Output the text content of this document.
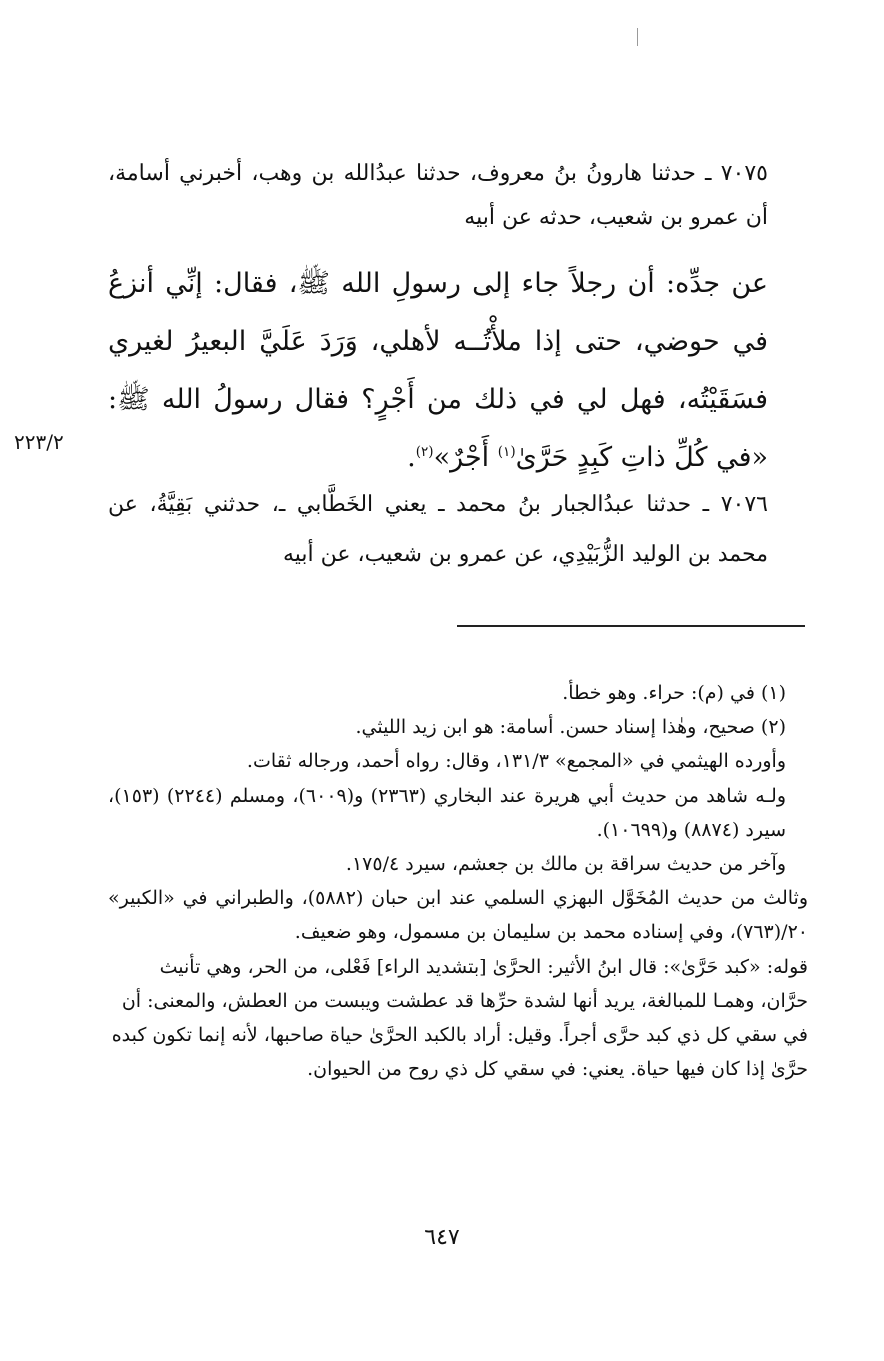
٧٠٧٥ ـ حدثنا هارونُ بنُ معروف، حدثنا عبدُالله بن وهب، أخبرني أسامة، أن عمرو بن شعيب، حدثه عن أبيه
عن جدِّه: أن رجلاً جاء إلى رسولِ الله ﷺ، فقال: إنِّي أنزعُ في حوضي، حتى إذا ملأْتُــه لأهلي، وَرَدَ عَلَيَّ البعيرُ لغيري فسَقَيْتُه، فهل لي في ذلك من أَجْرٍ؟ فقال رسولُ الله ﷺ: «في كُلِّ ذاتِ كَبِدٍ حَرَّىٰ$^{(١)}$ أَجْرٌ»$^{(٢)}$.
٢٢٣/٢
٧٠٧٦ ـ حدثنا عبدُالجبار بنُ محمد ـ يعني الخَطَّابي ـ، حدثني بَقِيَّةُ، عن محمد بن الوليد الزُّبَيْدِي، عن عمرو بن شعيب، عن أبيه

(١) في (م): حراء. وهو خطأ.

(٢) صحيح، وهٰذا إسناد حسن. أسامة: هو ابن زيد الليثي.

وأورده الهيثمي في «المجمع» ١٣١/٣، وقال: رواه أحمد، ورجاله ثقات.

ولـه شاهد من حديث أبي هريرة عند البخاري (٢٣٦٣) و(٦٠٠٩)، ومسلم (٢٢٤٤) (١٥٣)، سيرد (٨٨٧٤) و(١٠٦٩٩).

وآخر من حديث سراقة بن مالك بن جعشم، سيرد ١٧٥/٤.

وثالث من حديث المُخَوَّل البهزي السلمي عند ابن حبان (٥٨٨٢)، والطبراني في «الكبير» ٢٠/(٧٦٣)، وفي إسناده محمد بن سليمان بن مسمول، وهو ضعيف.

قوله: «كبد حَرَّىٰ»: قال ابنُ الأثير: الحرَّىٰ [بتشديد الراء] فَعْلى، من الحر، وهي تأنيث حرَّان، وهمـا للمبالغة، يريد أنها لشدة حرِّها قد عطشت ويبست من العطش، والمعنى: أن في سقي كل ذي كبد حرَّى أجراً. وقيل: أراد بالكبد الحرَّىٰ حياة صاحبها، لأنه إنما تكون كبده حرَّىٰ إذا كان فيها حياة. يعني: في سقي كل ذي روح من الحيوان.

٦٤٧
